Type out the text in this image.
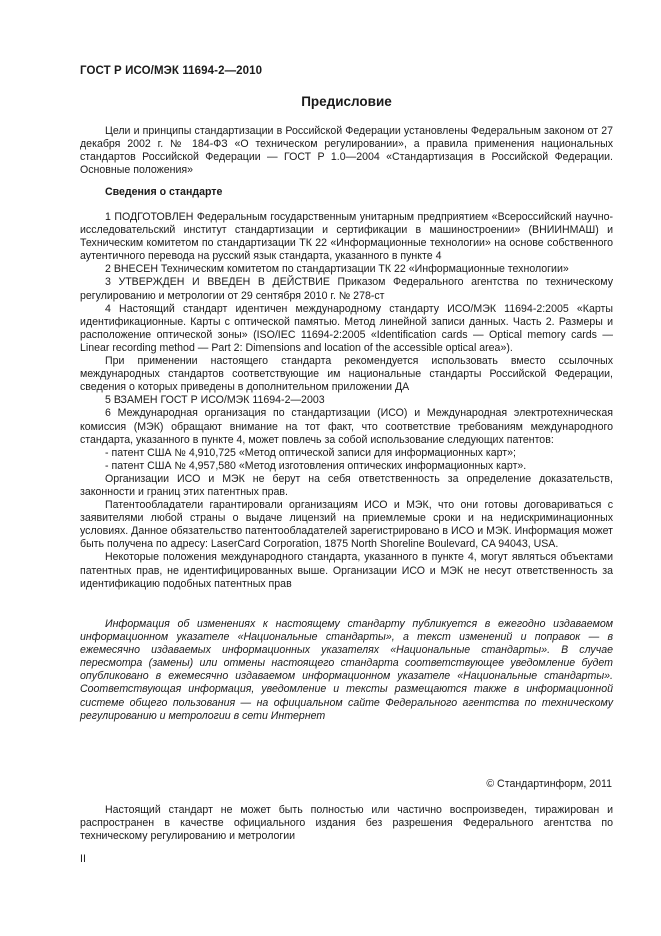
ГОСТ Р ИСО/МЭК 11694-2—2010
Предисловие

Цели и принципы стандартизации в Российской Федерации установлены Федеральным законом от 27 декабря 2002 г. № 184-ФЗ «О техническом регулировании», а правила применения национальных стандартов Российской Федерации — ГОСТ Р 1.0—2004 «Стандартизация в Российской Федерации. Основные положения»

Сведения о стандарте

1 ПОДГОТОВЛЕН Федеральным государственным унитарным предприятием «Всероссийский научно-исследовательский институт стандартизации и сертификации в машиностроении» (ВНИИНМАШ) и Техническим комитетом по стандартизации ТК 22 «Информационные технологии» на основе собственного аутентичного перевода на русский язык стандарта, указанного в пункте 4

2 ВНЕСЕН Техническим комитетом по стандартизации ТК 22 «Информационные технологии»

3 УТВЕРЖДЕН И ВВЕДЕН В ДЕЙСТВИЕ Приказом Федерального агентства по техническому регулированию и метрологии от 29 сентября 2010 г. № 278-ст

4 Настоящий стандарт идентичен международному стандарту ИСО/МЭК 11694-2:2005 «Карты идентификационные. Карты с оптической памятью. Метод линейной записи данных. Часть 2. Размеры и расположение оптической зоны» (ISO/IEC 11694-2:2005 «Identification cards — Optical memory cards — Linear recording method — Part 2: Dimensions and location of the accessible optical area»).

При применении настоящего стандарта рекомендуется использовать вместо ссылочных международных стандартов соответствующие им национальные стандарты Российской Федерации, сведения о которых приведены в дополнительном приложении ДА

5 ВЗАМЕН ГОСТ Р ИСО/МЭК 11694-2—2003

6 Международная организация по стандартизации (ИСО) и Международная электротехническая комиссия (МЭК) обращают внимание на тот факт, что соответствие требованиям международного стандарта, указанного в пункте 4, может повлечь за собой использование следующих патентов:

- патент США № 4,910,725 «Метод оптической записи для информационных карт»;

- патент США № 4,957,580 «Метод изготовления оптических информационных карт».

Организации ИСО и МЭК не берут на себя ответственность за определение доказательств, законности и границ этих патентных прав.

Патентообладатели гарантировали организациям ИСО и МЭК, что они готовы договариваться с заявителями любой страны о выдаче лицензий на приемлемые сроки и на недискриминационных условиях. Данное обязательство патентообладателей зарегистрировано в ИСО и МЭК. Информация может быть получена по адресу: LaserCard Corporation, 1875 North Shoreline Boulevard, CA 94043, USA.

Некоторые положения международного стандарта, указанного в пункте 4, могут являться объектами патентных прав, не идентифицированных выше. Организации ИСО и МЭК не несут ответственность за идентификацию подобных патентных прав

Информация об изменениях к настоящему стандарту публикуется в ежегодно издаваемом информационном указателе «Национальные стандарты», а текст изменений и поправок — в ежемесячно издаваемых информационных указателях «Национальные стандарты». В случае пересмотра (замены) или отмены настоящего стандарта соответствующее уведомление будет опубликовано в ежемесячно издаваемом информационном указателе «Национальные стандарты». Соответствующая информация, уведомление и тексты размещаются также в информационной системе общего пользования — на официальном сайте Федерального агентства по техническому регулированию и метрологии в сети Интернет

© Стандартинформ, 2011

Настоящий стандарт не может быть полностью или частично воспроизведен, тиражирован и распространен в качестве официального издания без разрешения Федерального агентства по техническому регулированию и метрологии

II
